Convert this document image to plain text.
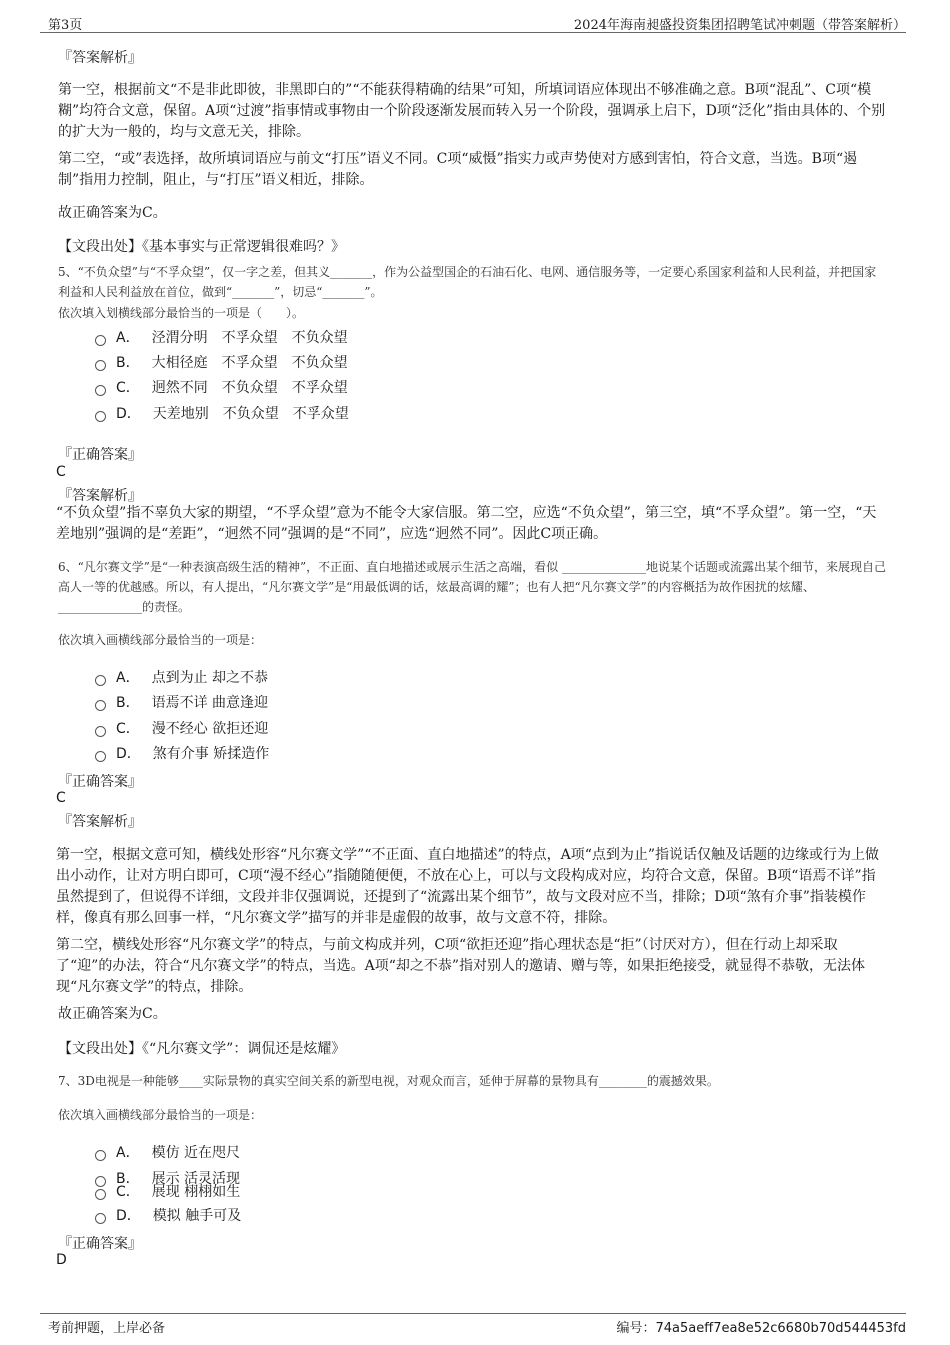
第3页	2024年海南昶盛投资集团招聘笔试冲刺题（带答案解析）
『答案解析』
第一空，根据前文“不是非此即彼，非黑即白的”“不能获得精确的结果”可知，所填词语应体现出不够准确之意。B项“混乱”、C项“模糊”均符合文意，保留。A项“过渡”指事情或事物由一个阶段逐渐发展而转入另一个阶段，强调承上启下，D项“泛化”指由具体的、个别的扩大为一般的，均与文意无关，排除。
第二空，“或”表选择，故所填词语应与前文“打压”语义不同。C项“威慑”指实力或声势使对方感到害怕，符合文意，当选。B项“遏制”指用力控制，阻止，与“打压”语义相近，排除。
故正确答案为C。
【文段出处】《基本事实与正常逻辑很难吗？》
5、“不负众望”与“不孚众望”，仅一字之差，但其义_______，作为公益型国企的石油石化、电网、通信服务等，一定要心系国家利益和人民利益，并把国家利益和人民利益放在首位，做到“_______”，切忌“_______”。
依次填入划横线部分最恰当的一项是（　　）。
A． 泾渭分明　不孚众望　不负众望
B． 大相径庭　不孚众望　不负众望
C． 迥然不同　不负众望　不孚众望
D． 天差地别　不负众望　不孚众望
『正确答案』
C
『答案解析』
“不负众望”指不辜负大家的期望，“不孚众望”意为不能令大家信服。第二空，应选“不负众望”，第三空，填“不孚众望”。第一空，“天差地别”强调的是“差距”，“迥然不同”强调的是“不同”，应选“迥然不同”。因此C项正确。
6、“凡尔赛文学”是“一种表演高级生活的精神”，不正面、直白地描述或展示生活之高端，看似 ______________地说某个话题或流露出某个细节，来展现自己高人一等的优越感。所以，有人提出，“凡尔赛文学”是“用最低调的话，炫最高调的耀”；也有人把“凡尔赛文学”的内容概括为故作困扰的炫耀、 ______________的责怪。
依次填入画横线部分最恰当的一项是：
A． 点到为止 却之不恭
B． 语焉不详 曲意逢迎
C． 漫不经心 欲拒还迎
D． 煞有介事 矫揉造作
『正确答案』
C
『答案解析』
第一空，根据文意可知，横线处形容“凡尔赛文学”“不正面、直白地描述”的特点，A项“点到为止”指说话仅触及话题的边缘或行为上做出小动作，让对方明白即可，C项“漫不经心”指随随便便，不放在心上，可以与文段构成对应，均符合文意，保留。B项“语焉不详”指虽然提到了，但说得不详细，文段并非仅强调说，还提到了“流露出某个细节”，故与文段对应不当，排除；D项“煞有介事”指装模作样，像真有那么回事一样，“凡尔赛文学”描写的并非是虚假的故事，故与文意不符，排除。
第二空，横线处形容“凡尔赛文学”的特点，与前文构成并列，C项“欲拒还迎”指心理状态是“拒”（讨厌对方），但在行动上却采取了“迎”的办法，符合“凡尔赛文学”的特点，当选。A项“却之不恭”指对别人的邀请、赠与等，如果拒绝接受，就显得不恭敬，无法体现“凡尔赛文学”的特点，排除。
故正确答案为C。
【文段出处】《“凡尔赛文学”：调侃还是炫耀》
7、3D电视是一种能够____实际景物的真实空间关系的新型电视，对观众而言，延伸于屏幕的景物具有________的震撼效果。
依次填入画横线部分最恰当的一项是：
A． 模仿 近在咫尺
B． 展示 活灵活现
C． 展现 栩栩如生
D． 模拟 触手可及
『正确答案』
D
考前押题，上岸必备	编号：74a5aeff7ea8e52c6680b70d544453fd
